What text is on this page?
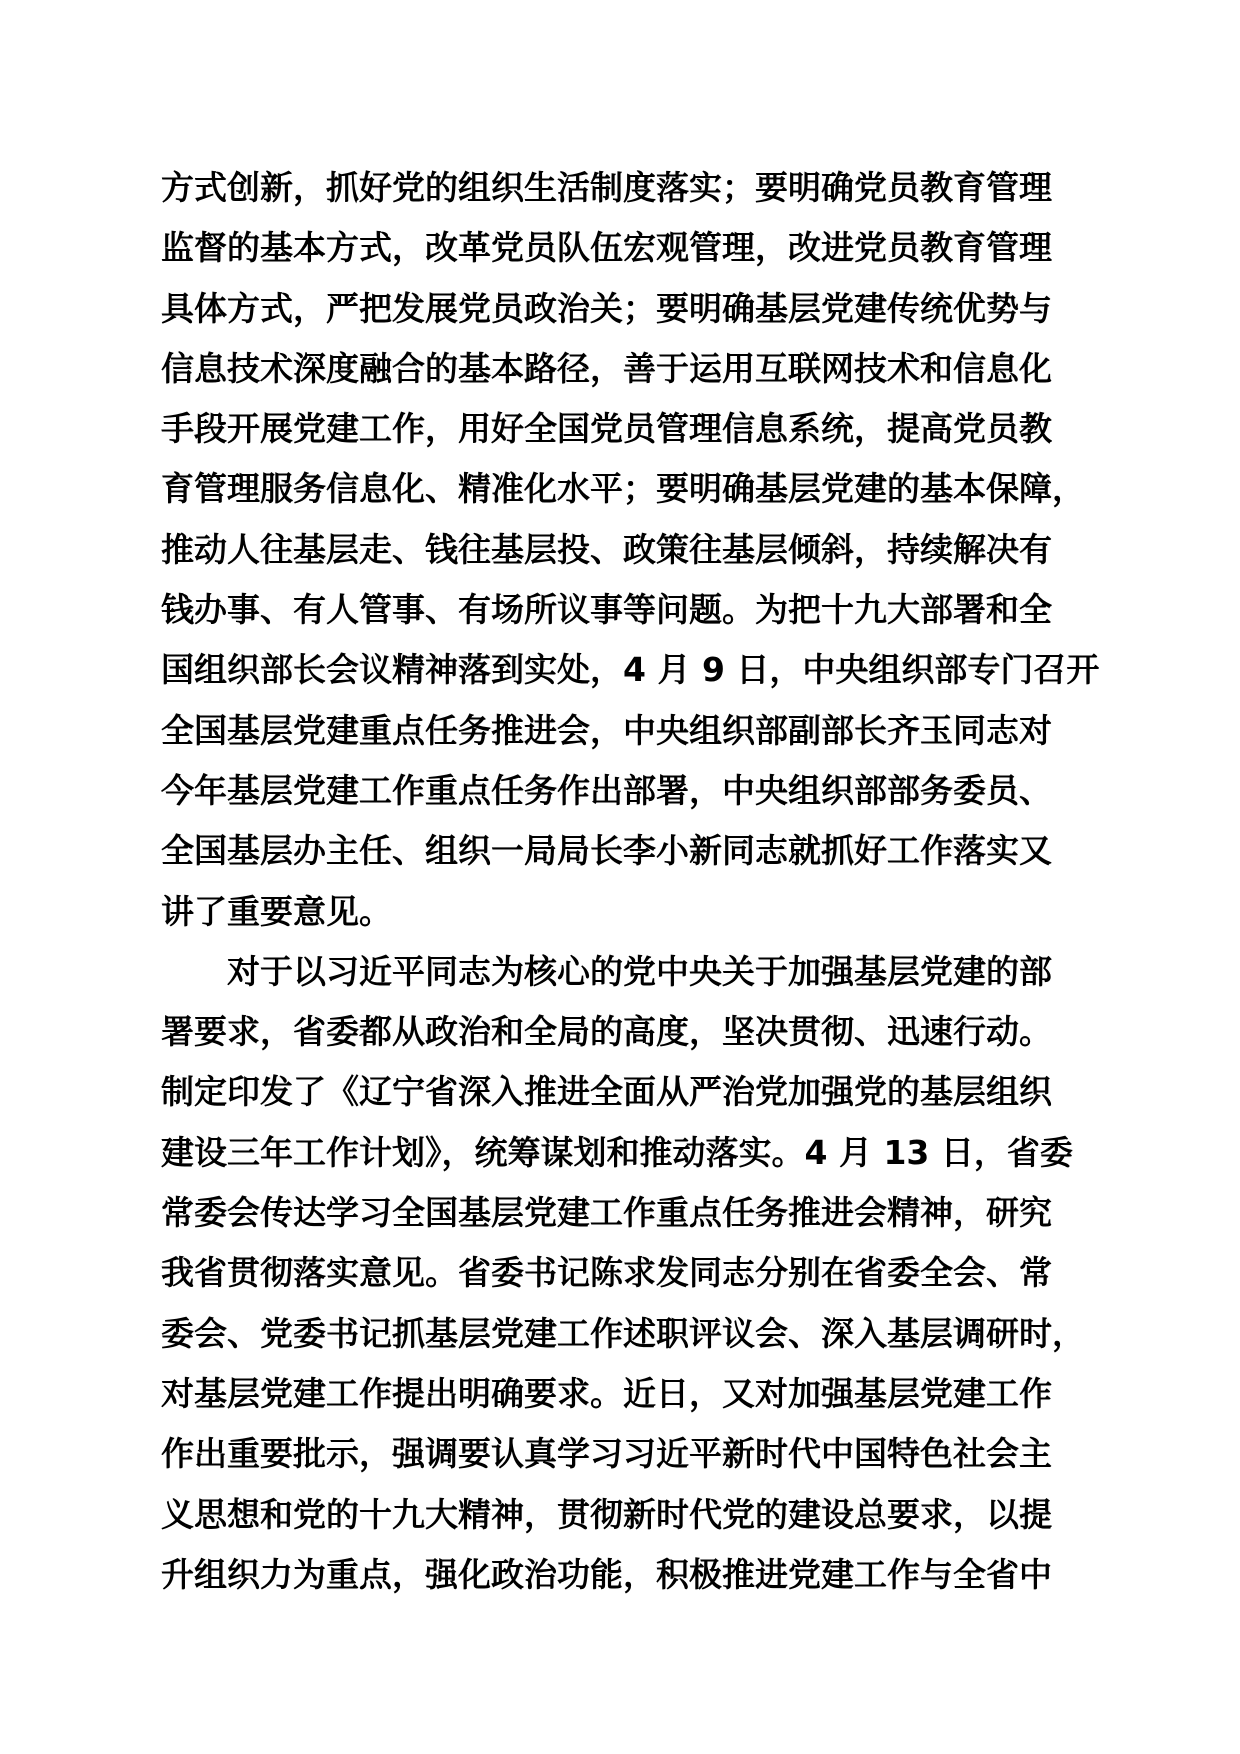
方式创新，抓好党的组织生活制度落实；要明确党员教育管理
监督的基本方式，改革党员队伍宏观管理，改进党员教育管理
具体方式，严把发展党员政治关；要明确基层党建传统优势与
信息技术深度融合的基本路径，善于运用互联网技术和信息化
手段开展党建工作，用好全国党员管理信息系统，提高党员教
育管理服务信息化、精准化水平；要明确基层党建的基本保障，
推动人往基层走、钱往基层投、政策往基层倾斜，持续解决有
钱办事、有人管事、有场所议事等问题。为把十九大部署和全
国组织部长会议精神落到实处，4 月 9 日，中央组织部专门召开
全国基层党建重点任务推进会，中央组织部副部长齐玉同志对
今年基层党建工作重点任务作出部署，中央组织部部务委员、
全国基层办主任、组织一局局长李小新同志就抓好工作落实又
讲了重要意见。
对于以习近平同志为核心的党中央关于加强基层党建的部
署要求，省委都从政治和全局的高度，坚决贯彻、迅速行动。
制定印发了《辽宁省深入推进全面从严治党加强党的基层组织
建设三年工作计划》，统筹谋划和推动落实。4 月 13 日，省委
常委会传达学习全国基层党建工作重点任务推进会精神，研究
我省贯彻落实意见。省委书记陈求发同志分别在省委全会、常
委会、党委书记抓基层党建工作述职评议会、深入基层调研时，
对基层党建工作提出明确要求。近日，又对加强基层党建工作
作出重要批示，强调要认真学习习近平新时代中国特色社会主
义思想和党的十九大精神，贯彻新时代党的建设总要求，以提
升组织力为重点，强化政治功能，积极推进党建工作与全省中
